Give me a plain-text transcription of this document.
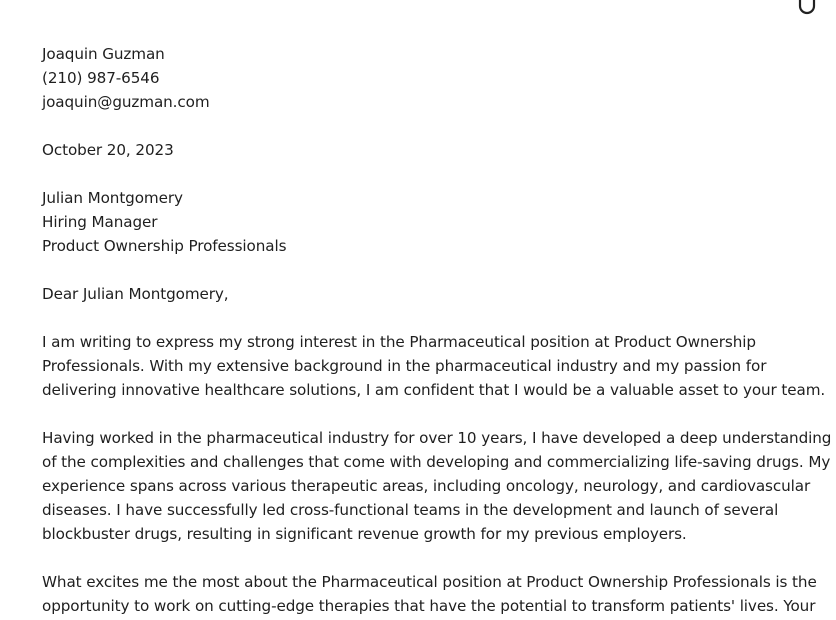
Joaquin Guzman
(210) 987-6546
joaquin@guzman.com
October 20, 2023
Julian Montgomery
Hiring Manager
Product Ownership Professionals
Dear Julian Montgomery,
I am writing to express my strong interest in the Pharmaceutical position at Product Ownership
Professionals. With my extensive background in the pharmaceutical industry and my passion for
delivering innovative healthcare solutions, I am confident that I would be a valuable asset to your team.
Having worked in the pharmaceutical industry for over 10 years, I have developed a deep understanding
of the complexities and challenges that come with developing and commercializing life-saving drugs. My
experience spans across various therapeutic areas, including oncology, neurology, and cardiovascular
diseases. I have successfully led cross-functional teams in the development and launch of several
blockbuster drugs, resulting in significant revenue growth for my previous employers.
What excites me the most about the Pharmaceutical position at Product Ownership Professionals is the
opportunity to work on cutting-edge therapies that have the potential to transform patients' lives. Your
